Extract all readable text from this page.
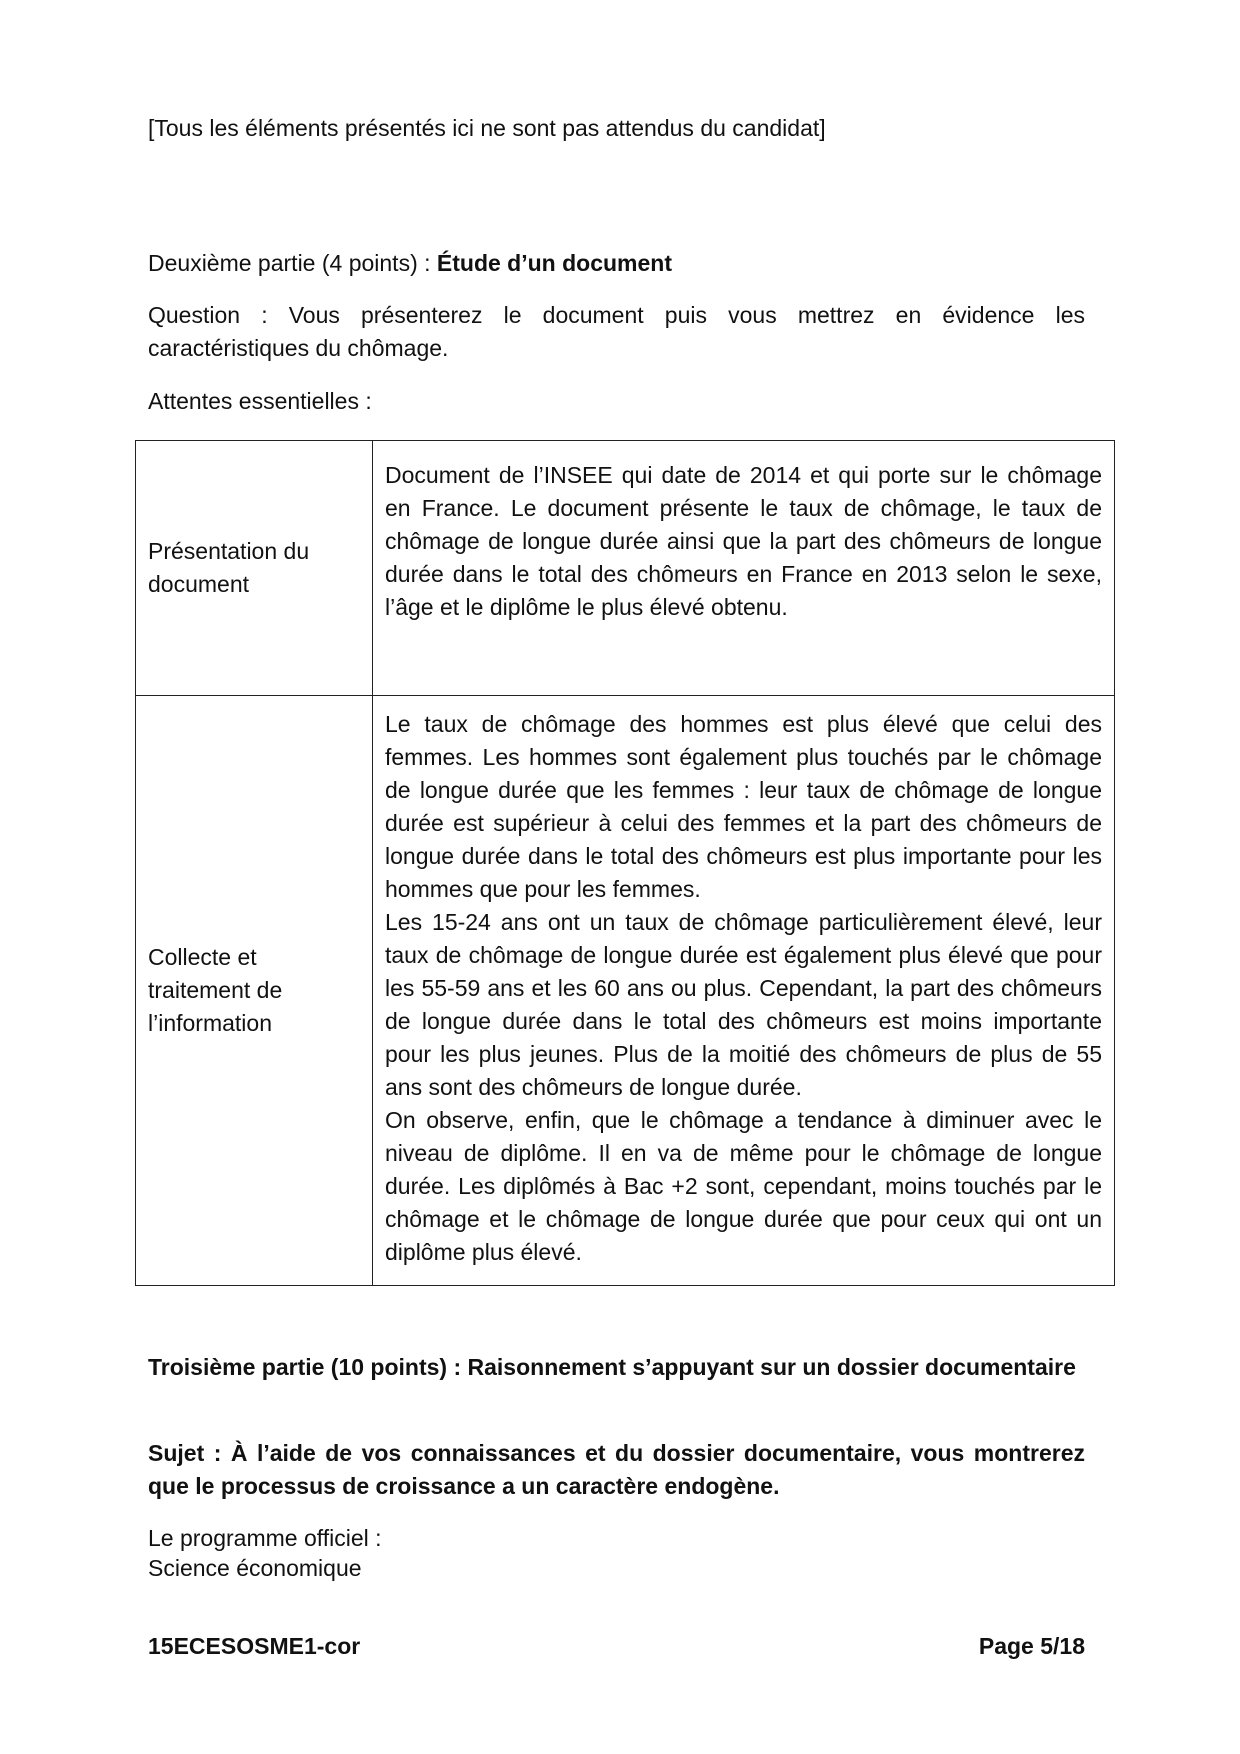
[Tous les éléments présentés ici ne sont pas attendus du candidat]
Deuxième partie (4 points) : Étude d’un document
Question : Vous présenterez le document puis vous mettrez en évidence les caractéristiques du chômage.
Attentes essentielles :
Présentation du document	Document de l’INSEE qui date de 2014 et qui porte sur le chômage en France. Le document présente le taux de chômage, le taux de chômage de longue durée ainsi que la part des chômeurs de longue durée dans le total des chômeurs en France en 2013 selon le sexe, l’âge et le diplôme le plus élevé obtenu.

Collecte et traitement de l’information	Le taux de chômage des hommes est plus élevé que celui des femmes. Les hommes sont également plus touchés par le chômage de longue durée que les femmes : leur taux de chômage de longue durée est supérieur à celui des femmes et la part des chômeurs de longue durée dans le total des chômeurs est plus importante pour les hommes que pour les femmes.

Les 15-24 ans ont un taux de chômage particulièrement élevé, leur taux de chômage de longue durée est également plus élevé que pour les 55-59 ans et les 60 ans ou plus. Cependant, la part des chômeurs de longue durée dans le total des chômeurs est moins importante pour les plus jeunes. Plus de la moitié des chômeurs de plus de 55 ans sont des chômeurs de longue durée.

On observe, enfin, que le chômage a tendance à diminuer avec le niveau de diplôme. Il en va de même pour le chômage de longue durée. Les diplômés à Bac +2 sont, cependant, moins touchés par le chômage et le chômage de longue durée que pour ceux qui ont un diplôme plus élevé.

Troisième partie (10 points) : Raisonnement s’appuyant sur un dossier documentaire
Sujet : À l’aide de vos connaissances et du dossier documentaire, vous montrerez que le processus de croissance a un caractère endogène.
Le programme officiel :
Science économique
15ECESOSME1-cor	Page 5/18
